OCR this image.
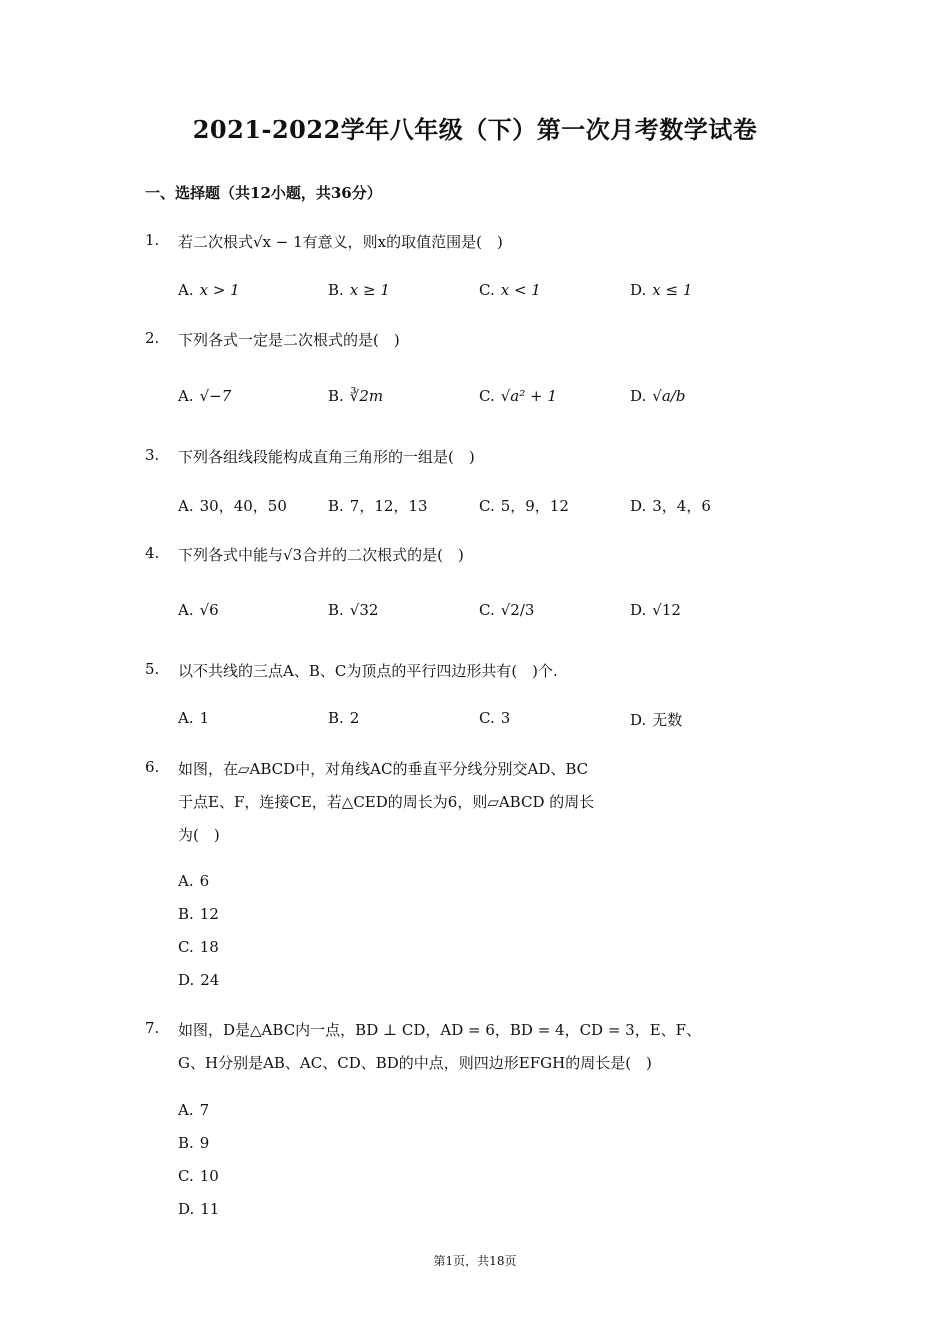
2021-2022学年八年级（下）第一次月考数学试卷
一、选择题（共12小题，共36分）
1. 若二次根式√x − 1有意义，则x的取值范围是(　)
A. x > 1	B. x ≥ 1	C. x < 1	D. x ≤ 1
2. 下列各式一定是二次根式的是(　)
A. √−7	B. ∛2m	C. √a² + 1	D. √a/b
3. 下列各组线段能构成直角三角形的一组是(　)
A. 30，40，50	B. 7，12，13	C. 5，9，12	D. 3，4，6
4. 下列各式中能与√3合并的二次根式的是(　)
A. √6	B. √32	C. √2/3	D. √12
5. 以不共线的三点A、B、C为顶点的平行四边形共有(　)个.
A. 1	B. 2	C. 3	D. 无数
6. 如图，在▱ABCD中，对角线AC的垂直平分线分别交AD、BC
于点E、F，连接CE，若△CED的周长为6，则▱ABCD 的周长
为(　)
A. 6
B. 12
C. 18
D. 24
7. 如图，D是△ABC内一点，BD ⊥ CD，AD = 6，BD = 4，CD = 3，E、F、
G、H分别是AB、AC、CD、BD的中点，则四边形EFGH的周长是(　)
A. 7
B. 9
C. 10
D. 11
第1页，共18页
